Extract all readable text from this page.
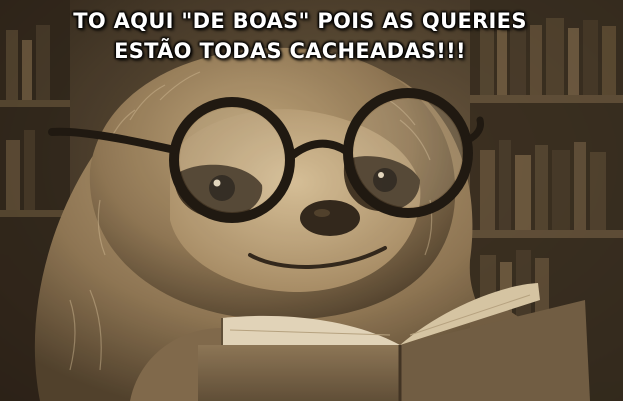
TO AQUI "DE BOAS" POIS AS QUERIES
ESTÃO TODAS CACHEADAS!!!
